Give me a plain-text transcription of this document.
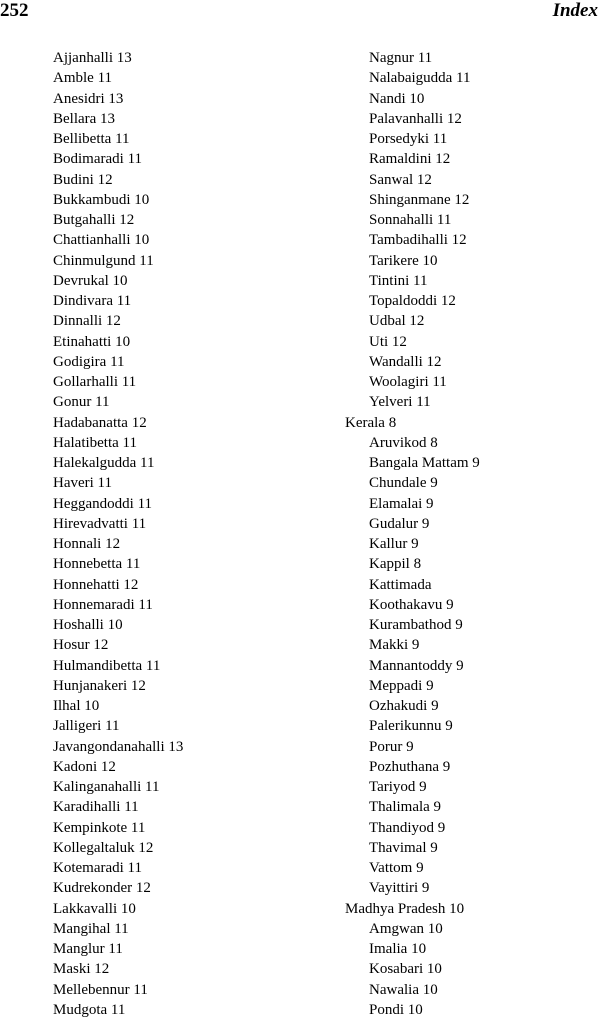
252	Index
Ajjanhalli 13
Amble 11
Anesidri 13
Bellara 13
Bellibetta 11
Bodimaradi 11
Budini 12
Bukkambudi 10
Butgahalli 12
Chattianhalli 10
Chinmulgund 11
Devrukal 10
Dindivara 11
Dinnalli 12
Etinahatti 10
Godigira 11
Gollarhalli 11
Gonur 11
Hadabanatta 12
Halatibetta 11
Halekalgudda 11
Haveri 11
Heggandoddi 11
Hirevadvatti 11
Honnali 12
Honnebetta 11
Honnehatti 12
Honnemaradi 11
Hoshalli 10
Hosur 12
Hulmandibetta 11
Hunjanakeri 12
Ilhal 10
Jalligeri 11
Javangondanahalli 13
Kadoni 12
Kalinganahalli 11
Karadihalli 11
Kempinkote 11
Kollegaltaluk 12
Kotemaradi 11
Kudrekonder 12
Lakkavalli 10
Mangihal 11
Manglur 11
Maski 12
Mellebennur 11
Mudgota 11
Nagnur 11
Nalabaigudda 11
Nandi 10
Palavanhalli 12
Porsedyki 11
Ramaldini 12
Sanwal 12
Shinganmane 12
Sonnahalli 11
Tambadihalli 12
Tarikere 10
Tintini 11
Topaldoddi 12
Udbal 12
Uti 12
Wandalli 12
Woolagiri 11
Yelveri 11
Kerala 8
Aruvikod 8
Bangala Mattam 9
Chundale 9
Elamalai 9
Gudalur 9
Kallur 9
Kappil 8
Kattimada
Koothakavu 9
Kurambathod 9
Makki 9
Mannantoddy 9
Meppadi 9
Ozhakudi 9
Palerikunnu 9
Porur 9
Pozhuthana 9
Tariyod 9
Thalimala 9
Thandiyod 9
Thavimal 9
Vattom 9
Vayittiri 9
Madhya Pradesh 10
Amgwan 10
Imalia 10
Kosabari 10
Nawalia 10
Pondi 10
